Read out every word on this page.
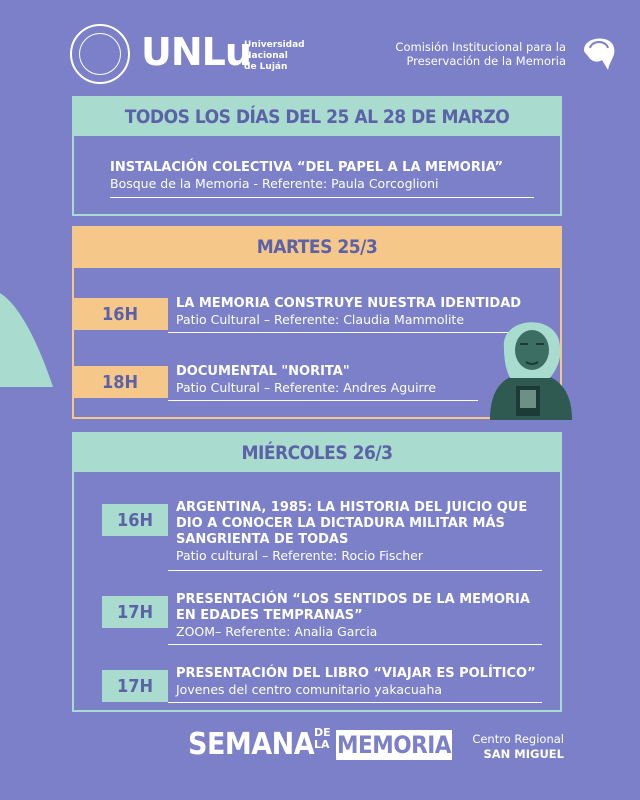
UNLu
Universidad
Nacional
de Luján
Comisión Institucional para la
Preservación de la Memoria
TODOS LOS DÍAS DEL 25 AL 28 DE MARZO
INSTALACIÓN COLECTIVA “DEL PAPEL A LA MEMORIA”
Bosque de la Memoria - Referente: Paula Corcoglioni
MARTES 25/3
16H	LA MEMORIA CONSTRUYE NUESTRA IDENTIDAD
Patio Cultural – Referente: Claudia Mammolite
18H	DOCUMENTAL "NORITA"
Patio Cultural – Referente: Andres Aguirre
MIÉRCOLES 26/3
16H
ARGENTINA, 1985: LA HISTORIA DEL JUICIO QUE
DIO A CONOCER LA DICTADURA MILITAR MÁS
SANGRIENTA DE TODAS
Patio cultural – Referente: Rocio Fischer
17H
PRESENTACIÓN “LOS SENTIDOS DE LA MEMORIA
EN EDADES TEMPRANAS”
ZOOM– Referente: Analia Garcia
17H
PRESENTACIÓN DEL LIBRO “VIAJAR ES POLÍTICO”
Jovenes del centro comunitario yakacuaha
SEMANA DE
LA MEMORIA Centro Regional
SAN MIGUEL
